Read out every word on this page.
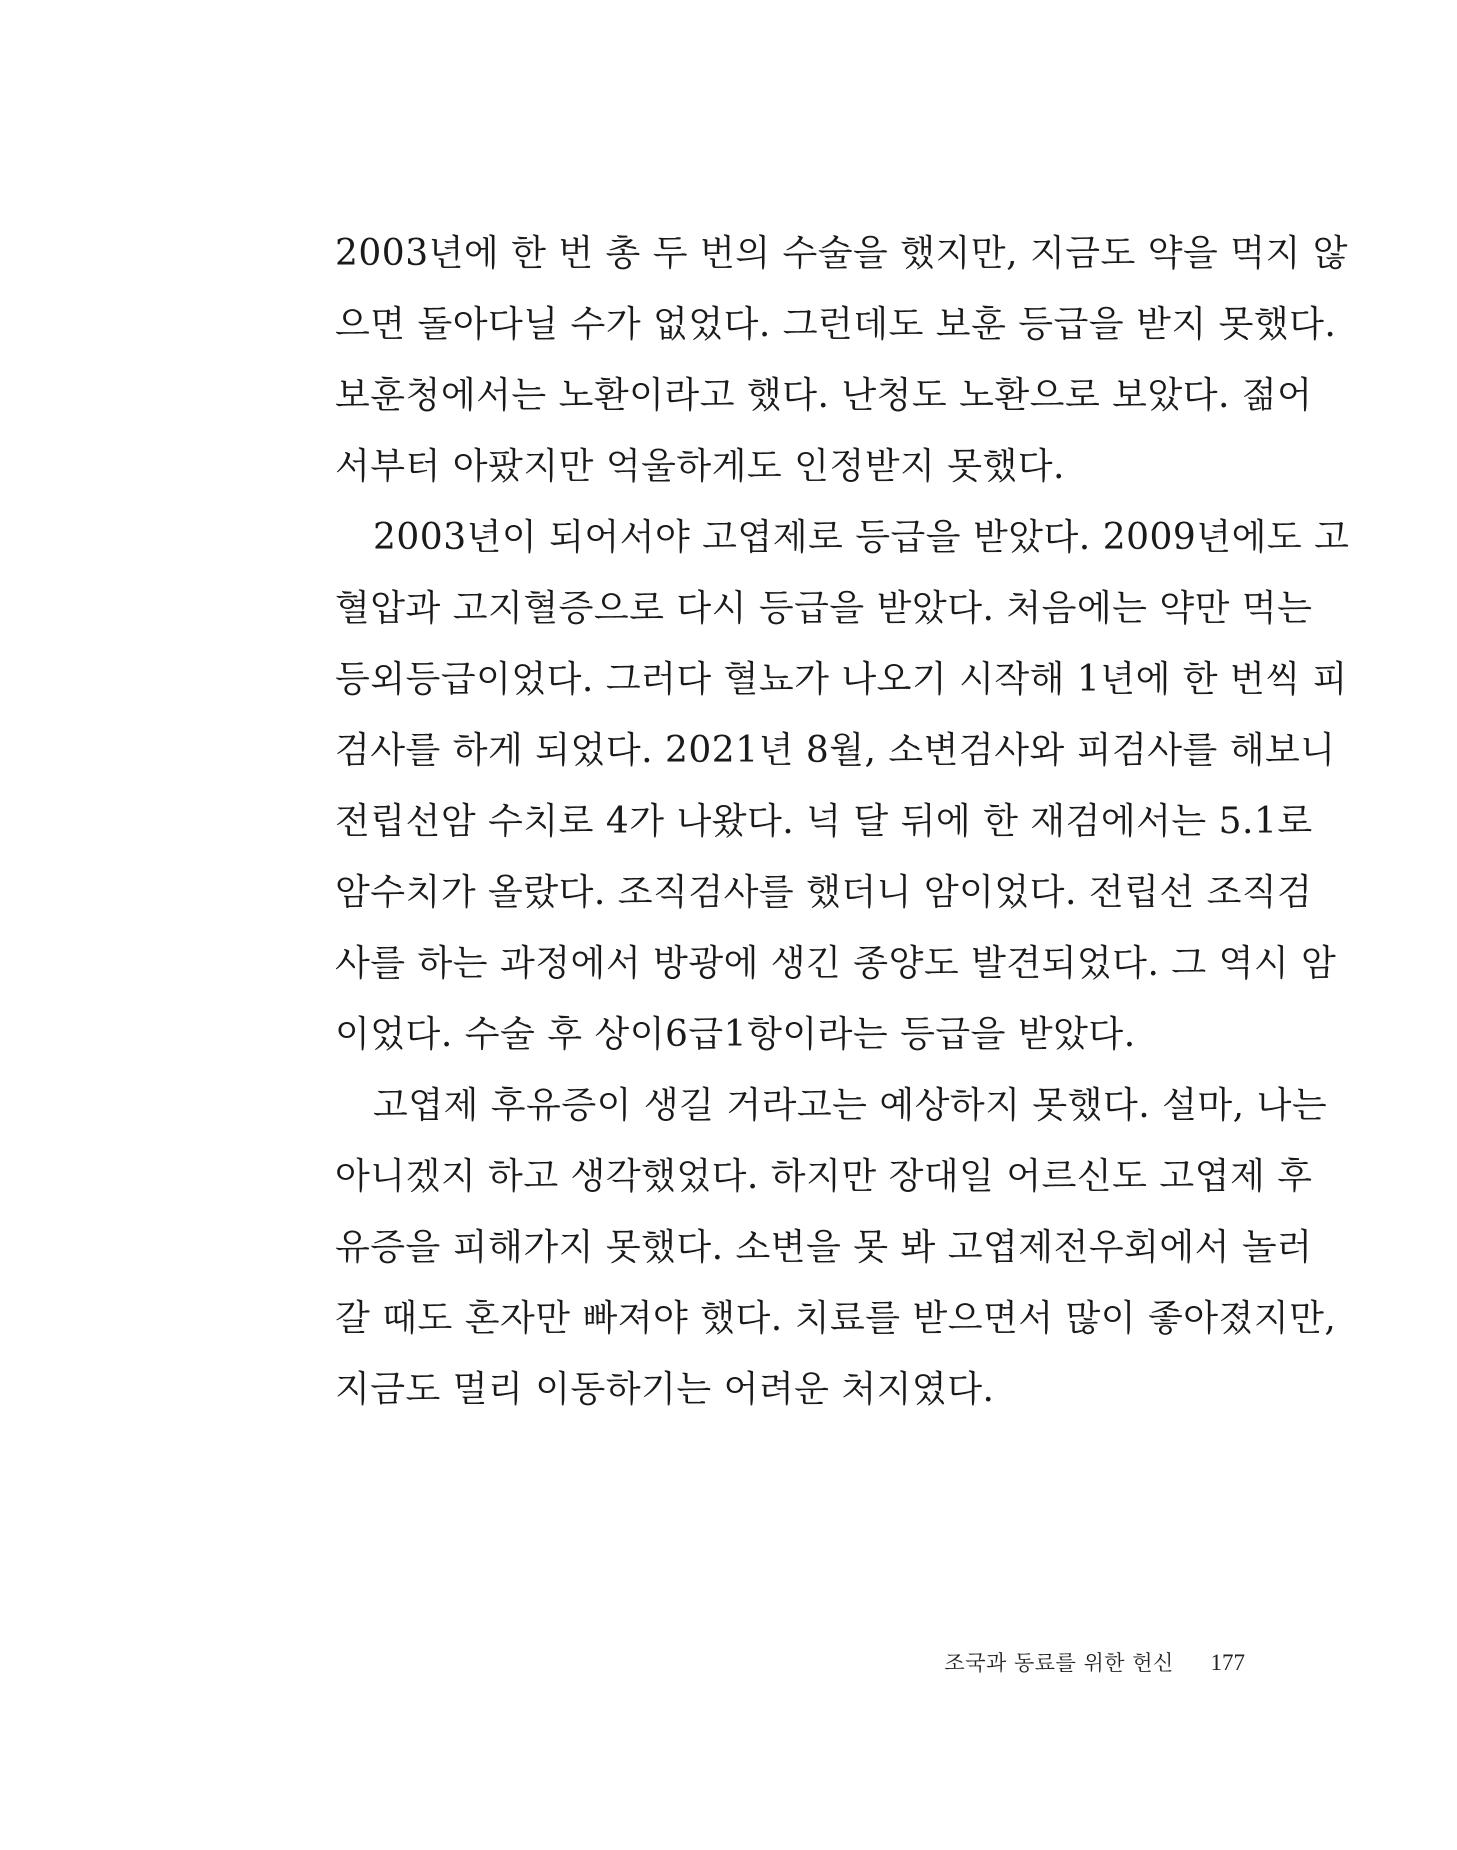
2003년에 한 번 총 두 번의 수술을 했지만, 지금도 약을 먹지 않
으면 돌아다닐 수가 없었다. 그런데도 보훈 등급을 받지 못했다.
보훈청에서는 노환이라고 했다. 난청도 노환으로 보았다. 젊어
서부터 아팠지만 억울하게도 인정받지 못했다.
2003년이 되어서야 고엽제로 등급을 받았다. 2009년에도 고
혈압과 고지혈증으로 다시 등급을 받았다. 처음에는 약만 먹는
등외등급이었다. 그러다 혈뇨가 나오기 시작해 1년에 한 번씩 피
검사를 하게 되었다. 2021년 8월, 소변검사와 피검사를 해보니
전립선암 수치로 4가 나왔다. 넉 달 뒤에 한 재검에서는 5.1로
암수치가 올랐다. 조직검사를 했더니 암이었다. 전립선 조직검
사를 하는 과정에서 방광에 생긴 종양도 발견되었다. 그 역시 암
이었다. 수술 후 상이6급1항이라는 등급을 받았다.
고엽제 후유증이 생길 거라고는 예상하지 못했다. 설마, 나는
아니겠지 하고 생각했었다. 하지만 장대일 어르신도 고엽제 후
유증을 피해가지 못했다. 소변을 못 봐 고엽제전우회에서 놀러
갈 때도 혼자만 빠져야 했다. 치료를 받으면서 많이 좋아졌지만,
지금도 멀리 이동하기는 어려운 처지였다.
조국과 동료를 위한 헌신 177
